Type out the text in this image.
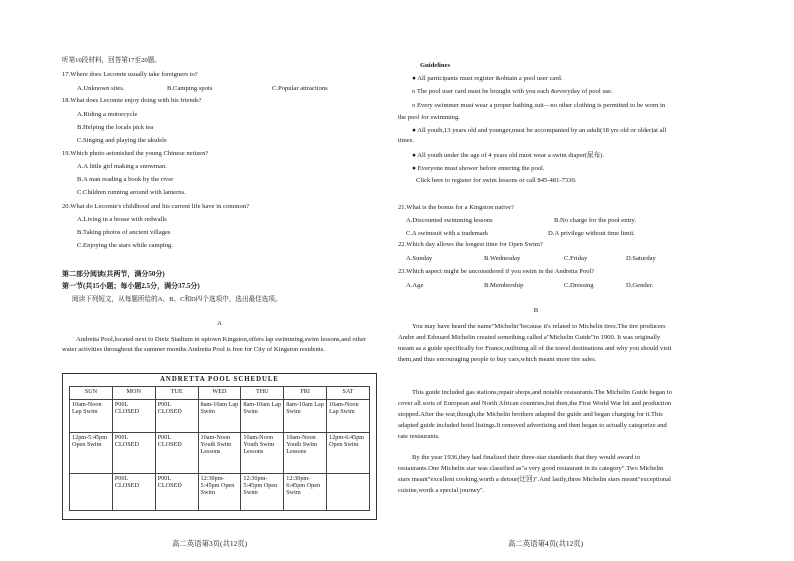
听第10段材料，回答第17至20题。
17.Where does Lecomte usually take foreigners to?
A.Unknown sites.	B.Camping spots	C.Popular attractions
18.What does Lecomte enjoy doing with his friends?
A.Riding a motorcycle
B.Helping the locals pick tea
C.Singing and playing the ukulele
19.Which photo astonished the young Chinese netizen?
A.A little girl making a snowman.
B.A man reading a book by the river
C.Children running around with lanterns.
20.What do Lecomte's childhood and his current life have in common?
A.Living in a house with redwalls
B.Taking photos of ancient villages
C.Enjoying the stars while camping.
第二部分阅读(共两节，满分50分)
第一节(共15小题；每小题2.5分，满分37.5分)
阅读下列短文，从每题所给的A、B、C和D四个选项中，选出最佳选项。
A
Andretta Pool,located next to Dietz Stadium in uptown Kingston,offers lap swimming,swim lessons,and other water activities throughout the summer months.Andretta Pool is free for City of Kingston residents.
ANDRETTA POOL SCHEDULE
SUN	MON	TUE	WED	THU	FRI	SAT
10am-Noon Lap Swim	P00L CLOSED	P00L CLOSED	8am-10am Lap Swim	8am-10am Lap Swim	8am-10am Lap Swim	10am-Noon Lap Swim
12pm-5:45pm Open Swim	P00L CLOSED	P00L CLOSED	10am-Noon Youth Swim Lessons	10am-Noon Youth Swim Lessons	10am-Noon Youth Swim Lessons	12pm-6:45pm Open Swim
	P00L CLOSED	P00L CLOSED	12:30pm-5:45pm Open Swim	12:30pm-5:45pm Open Swim	12:30pm-6:45pm Open Swim	
高二英语第3页(共12页)
Guidelines
● All participants must register &obtain a pool user card.
o The pool user card must be brought with you each &everyday of pool use.
o Every swimmer must wear a proper bathing suit—no other clothing is permitted to be worn in the pool for swimming.
● All youth,13 years old and younger,must be accompanied by an adult(18 yrs old or older)at all times.
● All youth under the age of 4 years old must wear a swim diaper(尿布).
● Everyone must shower before entering the pool.
Click here to register for swim lessons or call 845-481-7330.
21.What is the bonus for a Kingston native?
A.Discounted swimming lessons	B.No charge for the pool entry.
C.A swimsuit with a trademark	D.A privilege without time limit.
22.Which day allows the longest time for Open Swim?
A.Sunday	B.Wednesday	C.Friday	D.Saturday
23.Which aspect might be unconsidered if you swim in the Andretta Pool?
A.Age	B.Membership	C.Dressing	D.Gender.
B
You may have heard the name"Michelin"because it's related to Michelin tires.The tire producers Andre and Edouard Michelin created something called a"Michelin Guide"in 1900. It was originally meant as a guide specifically for France,outlining all of the travel destinations and why you should visit them,and thus encouraging people to buy cars,which meant more tire sales.
This guide included gas stations,repair shops,and notable restaurants.The Michelin Guide began to cover all sorts of European and North African countries,but then,the First World War hit and production stopped.After the war,though,the Michelin brothers adapted the guide and began charging for it.This adapted guide included hotel listings.It removed advertising and then began to actually categorize and rate restaurants.
By the year 1936,they had finalized their three-star standards that they would award to restaurants.One Michelin star was classified as"a very good restaurant in its category".Two Michelin stars meant"excellent cooking,worth a detour(迂回)".And lastly,three Michelin stars meant"exceptional cuisine,worth a special journey".
高二英语第4页(共12页)
